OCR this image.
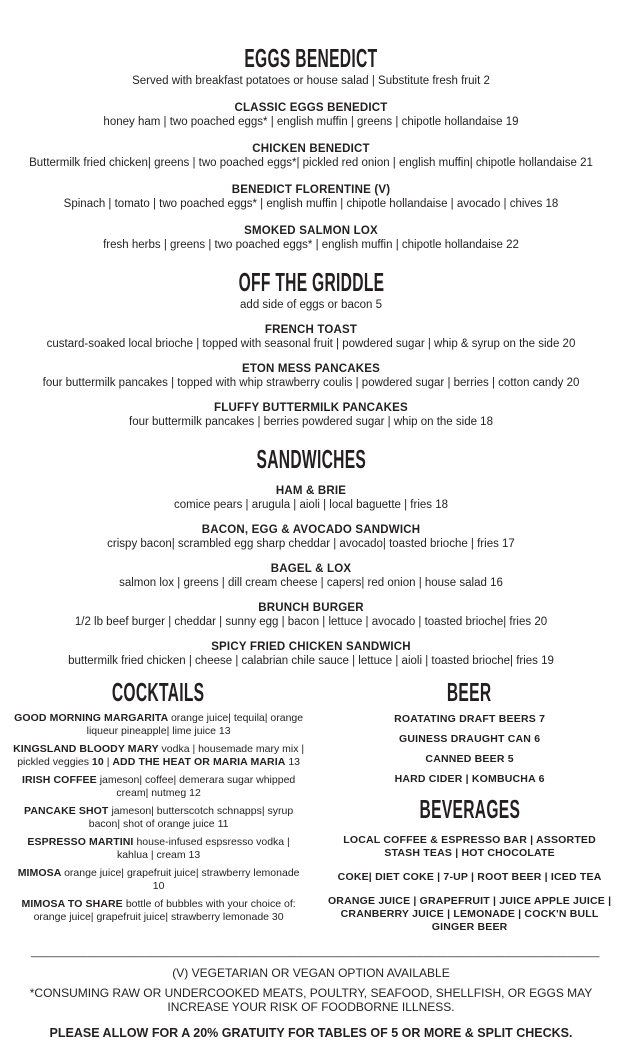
EGGS BENEDICT
Served with breakfast potatoes or house salad | Substitute fresh fruit 2
CLASSIC EGGS BENEDICT
honey ham | two poached eggs* | english muffin | greens | chipotle hollandaise 19
CHICKEN BENEDICT
Buttermilk fried chicken| greens | two poached eggs*| pickled red onion | english muffin| chipotle hollandaise 21
BENEDICT FLORENTINE (V)
Spinach | tomato | two poached eggs* | english muffin | chipotle hollandaise | avocado | chives 18
SMOKED SALMON LOX
fresh herbs | greens | two poached eggs* | english muffin | chipotle hollandaise 22
OFF THE GRIDDLE
add side of eggs or bacon 5
FRENCH TOAST
custard-soaked local brioche | topped with seasonal fruit | powdered sugar | whip & syrup on the side 20
ETON MESS PANCAKES
four buttermilk pancakes | topped with whip strawberry coulis | powdered sugar | berries | cotton candy 20
FLUFFY BUTTERMILK PANCAKES
four buttermilk pancakes | berries powdered sugar | whip on the side 18
SANDWICHES
HAM & BRIE
comice pears | arugula | aioli | local baguette | fries 18
BACON, EGG & AVOCADO SANDWICH
crispy bacon| scrambled egg sharp cheddar | avocado| toasted brioche | fries 17
BAGEL & LOX
salmon lox | greens | dill cream cheese | capers| red onion | house salad 16
BRUNCH BURGER
1/2 lb beef burger | cheddar | sunny egg | bacon | lettuce | avocado | toasted brioche| fries 20
SPICY FRIED CHICKEN SANDWICH
buttermilk fried chicken | cheese | calabrian chile sauce | lettuce | aioli | toasted brioche| fries 19
COCKTAILS

GOOD MORNING MARGARITA orange juice| tequila| orange liqueur pineapple| lime juice 13

KINGSLAND BLOODY MARY vodka | housemade mary mix | pickled veggies 10 | ADD THE HEAT OR MARIA MARIA 13

IRISH COFFEE jameson| coffee| demerara sugar whipped cream| nutmeg 12

PANCAKE SHOT jameson| butterscotch schnapps| syrup bacon| shot of orange juice 11

ESPRESSO MARTINI house-infused espsresso vodka | kahlua | cream 13

MIMOSA orange juice| grapefruit juice| strawberry lemonade 10

MIMOSA TO SHARE bottle of bubbles with your choice of: orange juice| grapefruit juice| strawberry lemonade 30

BEER
ROATATING DRAFT BEERS 7
GUINESS DRAUGHT CAN 6
CANNED BEER 5
HARD CIDER | KOMBUCHA 6
BEVERAGES
LOCAL COFFEE & ESPRESSO BAR | ASSORTED STASH TEAS | HOT CHOCOLATE
COKE| DIET COKE | 7-UP | ROOT BEER | ICED TEA
ORANGE JUICE | GRAPEFRUIT | JUICE APPLE JUICE | CRANBERRY JUICE | LEMONADE | COCK'N BULL GINGER BEER
__________________________________________________________________________________________
(V) VEGETARIAN OR VEGAN OPTION AVAILABLE
*CONSUMING RAW OR UNDERCOOKED MEATS, POULTRY, SEAFOOD, SHELLFISH, OR EGGS MAY INCREASE YOUR RISK OF FOODBORNE ILLNESS.
PLEASE ALLOW FOR A 20% GRATUITY FOR TABLES OF 5 OR MORE & SPLIT CHECKS.
